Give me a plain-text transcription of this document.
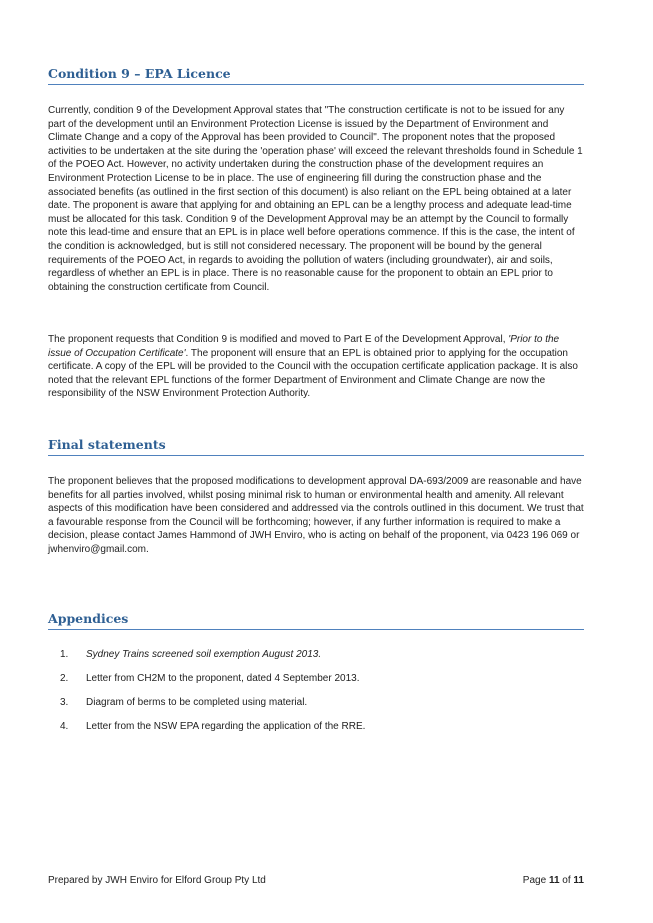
Condition 9 – EPA Licence

Currently, condition 9 of the Development Approval states that "The construction certificate is not to be issued for any part of the development until an Environment Protection License is issued by the Department of Environment and Climate Change and a copy of the Approval has been provided to Council". The proponent notes that the proposed activities to be undertaken at the site during the 'operation phase' will exceed the relevant thresholds found in Schedule 1 of the POEO Act. However, no activity undertaken during the construction phase of the development requires an Environment Protection License to be in place. The use of engineering fill during the construction phase and the associated benefits (as outlined in the first section of this document) is also reliant on the EPL being obtained at a later date. The proponent is aware that applying for and obtaining an EPL can be a lengthy process and adequate lead-time must be allocated for this task. Condition 9 of the Development Approval may be an attempt by the Council to formally note this lead-time and ensure that an EPL is in place well before operations commence. If this is the case, the intent of the condition is acknowledged, but is still not considered necessary. The proponent will be bound by the general requirements of the POEO Act, in regards to avoiding the pollution of waters (including groundwater), air and soils, regardless of whether an EPL is in place. There is no reasonable cause for the proponent to obtain an EPL prior to obtaining the construction certificate from Council.

The proponent requests that Condition 9 is modified and moved to Part E of the Development Approval, 'Prior to the issue of Occupation Certificate'. The proponent will ensure that an EPL is obtained prior to applying for the occupation certificate. A copy of the EPL will be provided to the Council with the occupation certificate application package. It is also noted that the relevant EPL functions of the former Department of Environment and Climate Change are now the responsibility of the NSW Environment Protection Authority.

Final statements

The proponent believes that the proposed modifications to development approval DA-693/2009 are reasonable and have benefits for all parties involved, whilst posing minimal risk to human or environmental health and amenity. All relevant aspects of this modification have been considered and addressed via the controls outlined in this document. We trust that a favourable response from the Council will be forthcoming; however, if any further information is required to make a decision, please contact James Hammond of JWH Enviro, who is acting on behalf of the proponent, via 0423 196 069 or jwhenviro@gmail.com.

Appendices
1.	Sydney Trains screened soil exemption August 2013.
2.	Letter from CH2M to the proponent, dated 4 September 2013.
3.	Diagram of berms to be completed using material.
4.	Letter from the NSW EPA regarding the application of the RRE.
Prepared by JWH Enviro for Elford Group Pty Ltd	Page 11 of 11
